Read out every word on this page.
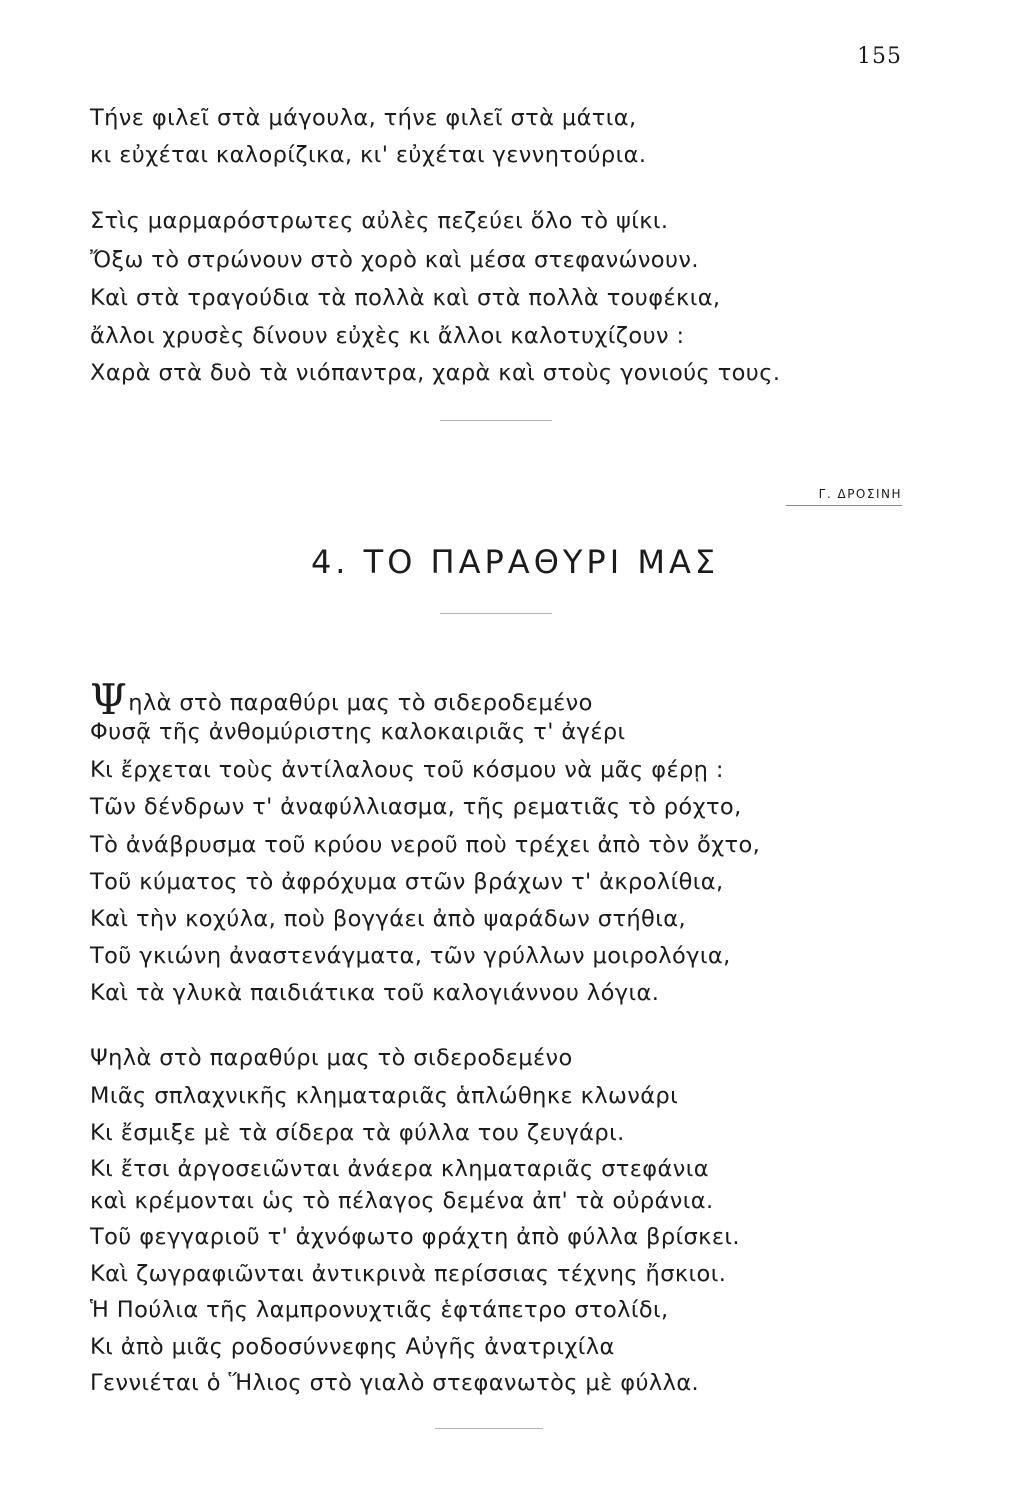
155
Τήνε φιλεῖ στὰ μάγουλα, τήνε φιλεῖ στὰ μάτια,
κι εὐχέται καλορίζικα, κι' εὐχέται γεννητούρια.
Στὶς μαρμαρόστρωτες αὐλὲς πεζεύει ὅλο τὸ ψίκι.
Ὄξω τὸ στρώνουν στὸ χορὸ καὶ μέσα στεφανώνουν.
Καὶ στὰ τραγούδια τὰ πολλὰ καὶ στὰ πολλὰ τουφέκια,
ἄλλοι χρυσὲς δίνουν εὐχὲς κι ἄλλοι καλοτυχίζουν :
Χαρὰ στὰ δυὸ τὰ νιόπαντρα, χαρὰ καὶ στοὺς γονιούς τους.
Γ. ΔΡΟΣΙΝΗ
4. ΤΟ ΠΑΡΑΘΥΡΙ ΜΑΣ
Ψηλὰ στὸ παραθύρι μας τὸ σιδεροδεμένο
Φυσᾷ τῆς ἀνθομύριστης καλοκαιριᾶς τ' ἀγέρι
Κι ἔρχεται τοὺς ἀντίλαλους τοῦ κόσμου νὰ μᾶς φέρῃ :
Τῶν δένδρων τ' ἀναφύλλιασμα, τῆς ρεματιᾶς τὸ ρόχτο,
Τὸ ἀνάβρυσμα τοῦ κρύου νεροῦ ποὺ τρέχει ἀπὸ τὸν ὄχτο,
Τοῦ κύματος τὸ ἀφρόχυμα στῶν βράχων τ' ἀκρολίθια,
Καὶ τὴν κοχύλα, ποὺ βογγάει ἀπὸ ψαράδων στήθια,
Τοῦ γκιώνη ἀναστενάγματα, τῶν γρύλλων μοιρολόγια,
Καὶ τὰ γλυκὰ παιδιάτικα τοῦ καλογιάννου λόγια.
Ψηλὰ στὸ παραθύρι μας τὸ σιδεροδεμένο
Μιᾶς σπλαχνικῆς κληματαριᾶς ἁπλώθηκε κλωνάρι
Κι ἔσμιξε μὲ τὰ σίδερα τὰ φύλλα του ζευγάρι.
Κι ἔτσι ἀργοσειῶνται ἀνάερα κληματαριᾶς στεφάνια
καὶ κρέμονται ὡς τὸ πέλαγος δεμένα ἀπ' τὰ οὐράνια.
Τοῦ φεγγαριοῦ τ' ἀχνόφωτο φράχτη ἀπὸ φύλλα βρίσκει.
Καὶ ζωγραφιῶνται ἀντικρινὰ περίσσιας τέχνης ἤσκιοι.
Ἡ Πούλια τῆς λαμπρονυχτιᾶς ἑφτάπετρο στολίδι,
Κι ἀπὸ μιᾶς ροδοσύννεφης Αὐγῆς ἀνατριχίλα
Γεννιέται ὁ Ἥλιος στὸ γιαλὸ στεφανωτὸς μὲ φύλλα.
